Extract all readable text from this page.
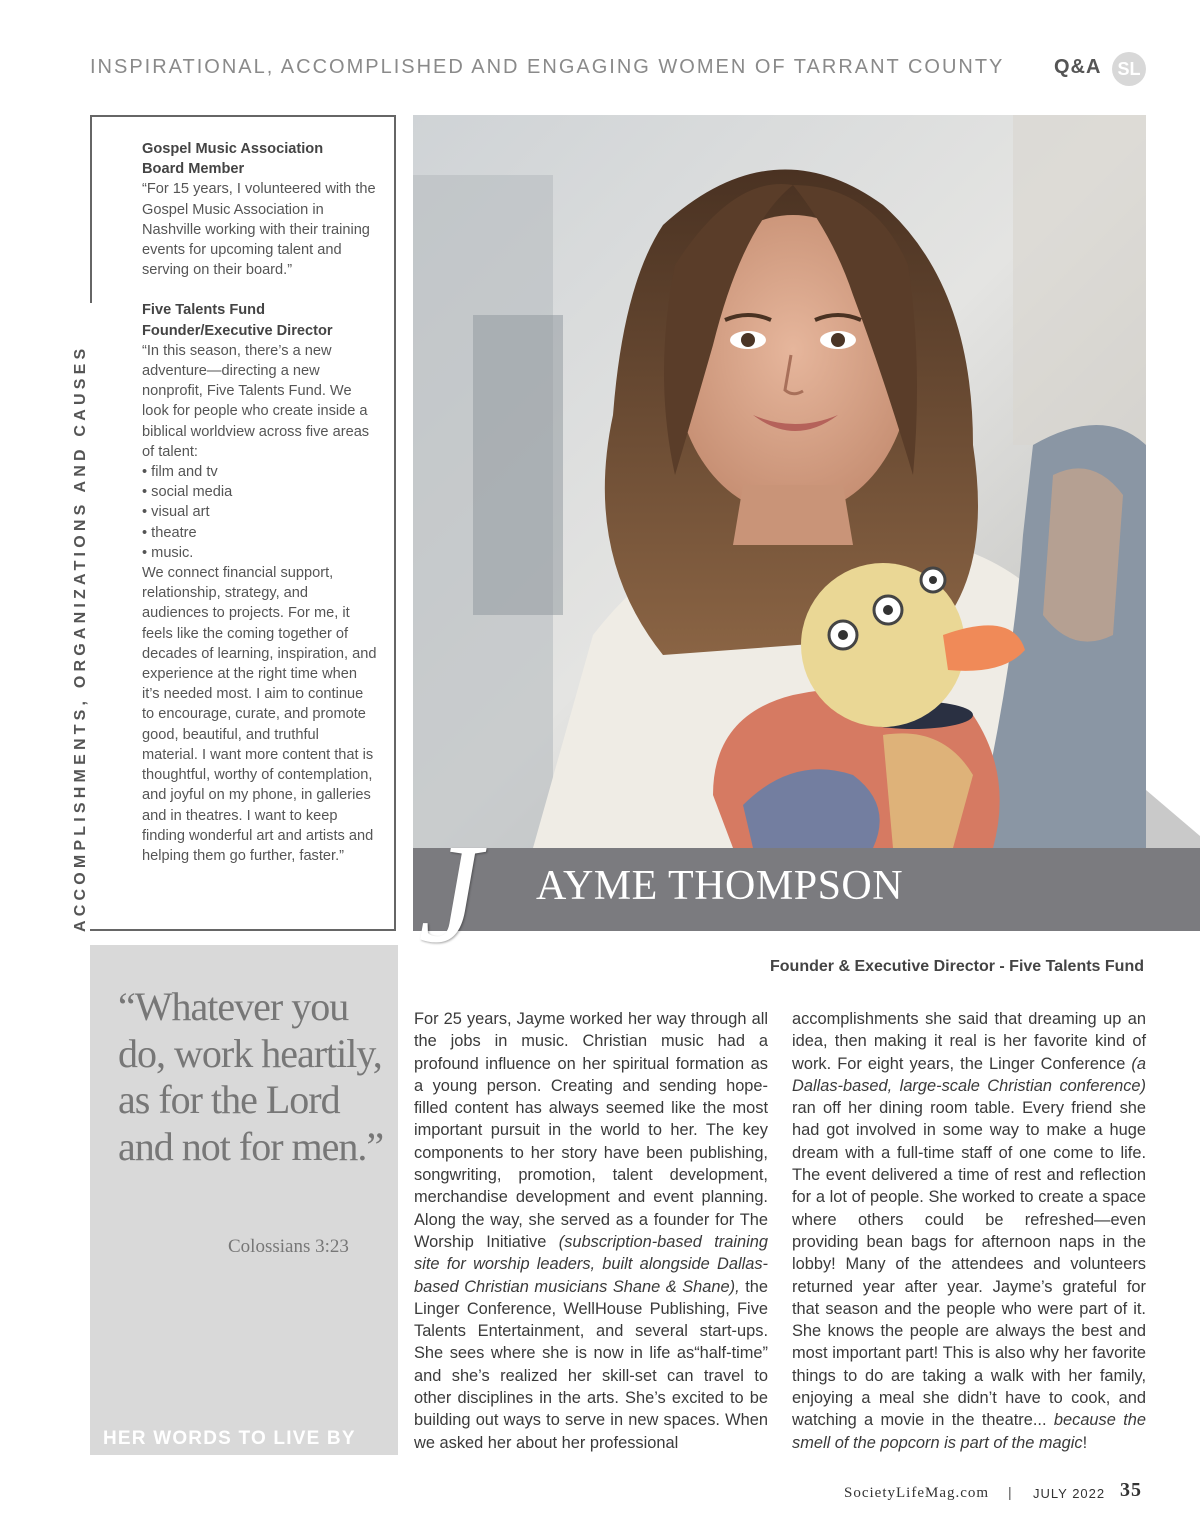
INSPIRATIONAL, ACCOMPLISHED AND ENGAGING WOMEN OF TARRANT COUNTY Q&A SL
ACCOMPLISHMENTS, ORGANIZATIONS AND CAUSES
Gospel Music Association
Board Member

“For 15 years, I volunteered with the Gospel Music Association in Nashville working with their training events for upcoming talent and serving on their board.”

Five Talents Fund
Founder/Executive Director

“In this season, there’s a new adventure—directing a new nonprofit, Five Talents Fund. We look for people who create inside a biblical worldview across five areas of talent:

• film and tv
• social media
• visual art
• theatre
• music.

We connect financial support, relationship, strategy, and audiences to projects. For me, it feels like the coming together of decades of learning, inspiration, and experience at the right time when it’s needed most. I aim to continue to encourage, curate, and promote good, beautiful, and truthful material. I want more content that is thoughtful, worthy of contemplation, and joyful on my phone, in galleries and in theatres. I want to keep finding wonderful art and artists and helping them go further, faster.”

“Whatever you do, work heartily, as for the Lord and not for men.”
Colossians 3:23
HER WORDS TO LIVE BY
J AYME THOMPSON
Founder & Executive Director - Five Talents Fund

For 25 years, Jayme worked her way through all the jobs in music. Christian music had a profound influence on her spiritual formation as a young person. Creating and sending hope-filled content has always seemed like the most important pursuit in the world to her. The key components to her story have been publishing, songwriting, promotion, talent development, merchandise development and event planning. Along the way, she served as a founder for The Worship Initiative (subscription-based training site for worship leaders, built alongside Dallas-based Christian musicians Shane & Shane), the Linger Conference, WellHouse Publishing, Five Talents Entertainment, and several start-ups. She sees where she is now in life as“half-time” and she’s realized her skill-set can travel to other disciplines in the arts. She’s excited to be building out ways to serve in new spaces. When we asked her about her professional

accomplishments she said that dreaming up an idea, then making it real is her favorite kind of work. For eight years, the Linger Conference (a Dallas-based, large-scale Christian conference) ran off her dining room table. Every friend she had got involved in some way to make a huge dream with a full-time staff of one come to life. The event delivered a time of rest and reflection for a lot of people. She worked to create a space where others could be refreshed—even providing bean bags for afternoon naps in the lobby! Many of the attendees and volunteers returned year after year. Jayme’s grateful for that season and the people who were part of it. She knows the people are always the best and most important part! This is also why her favorite things to do are taking a walk with her family, enjoying a meal she didn’t have to cook, and watching a movie in the theatre... because the smell of the popcorn is part of the magic!

SocietyLifeMag.com | JULY 2022 35
